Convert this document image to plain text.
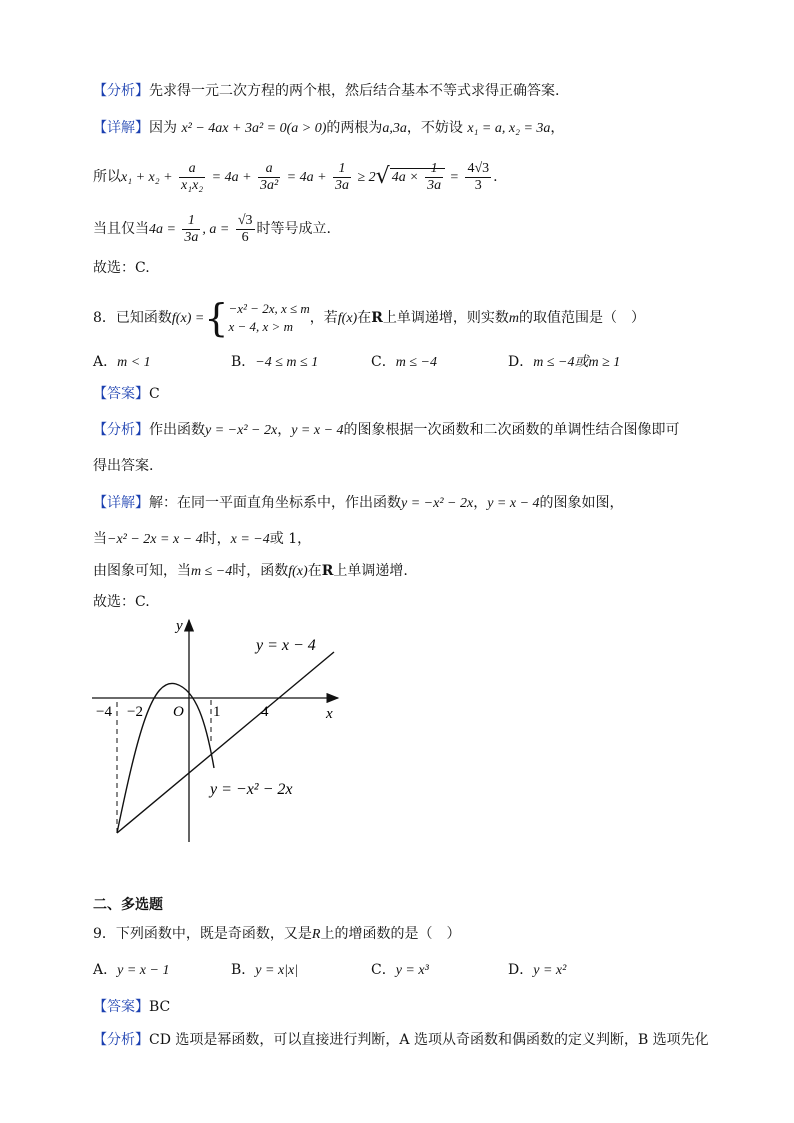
【分析】先求得一元二次方程的两个根，然后结合基本不等式求得正确答案.
【详解】因为 x² − 4ax + 3a² = 0(a > 0)的两根为a,3a，不妨设 x₁ = a, x₂ = 3a，
所以$x_1 + x_2 + \frac{a}{\text{x₁x₂}} = 4a + \frac{a}{\text{3a²}} = 4a + \frac{1}{3a} \ge 2√$ $4a \times \frac{1}{3a} = \frac{4√3}{3}$ .
当且仅当$4a = \frac{1}{3a}$ , $a = \frac{√3}{6}$ 时等号成立.
故选：C.
8．已知函数f(x) ={ −x² − 2x, x ≤ m
x − 4, x > m
，若f(x)在R上单调递增，则实数m的取值范围是（　）
A．m < 1	B．−4 ≤ m ≤ 1	C．m ≤ −4	D．m ≤ −4或m ≥ 1
【答案】C
【分析】作出函数y = −x² − 2x，y = x − 4的图象根据一次函数和二次函数的单调性结合图像即可
得出答案.
【详解】解：在同一平面直角坐标系中，作出函数y = −x² − 2x，y = x − 4的图象如图，
当−x² − 2x = x − 4时，x = −4或 1，
由图象可知，当m ≤ −4时，函数f(x)在R上单调递增.
故选：C.
y
x
O
−4 −2	1	4
y = x − 4
y = −x² − 2x
二、多选题
9．下列函数中，既是奇函数，又是R上的增函数的是（　）
A．y = x − 1	B．y = x|x|	C．y = x³	D．y = x²
【答案】BC
【分析】CD 选项是幂函数，可以直接进行判断，A 选项从奇函数和偶函数的定义判断，B 选项先化
